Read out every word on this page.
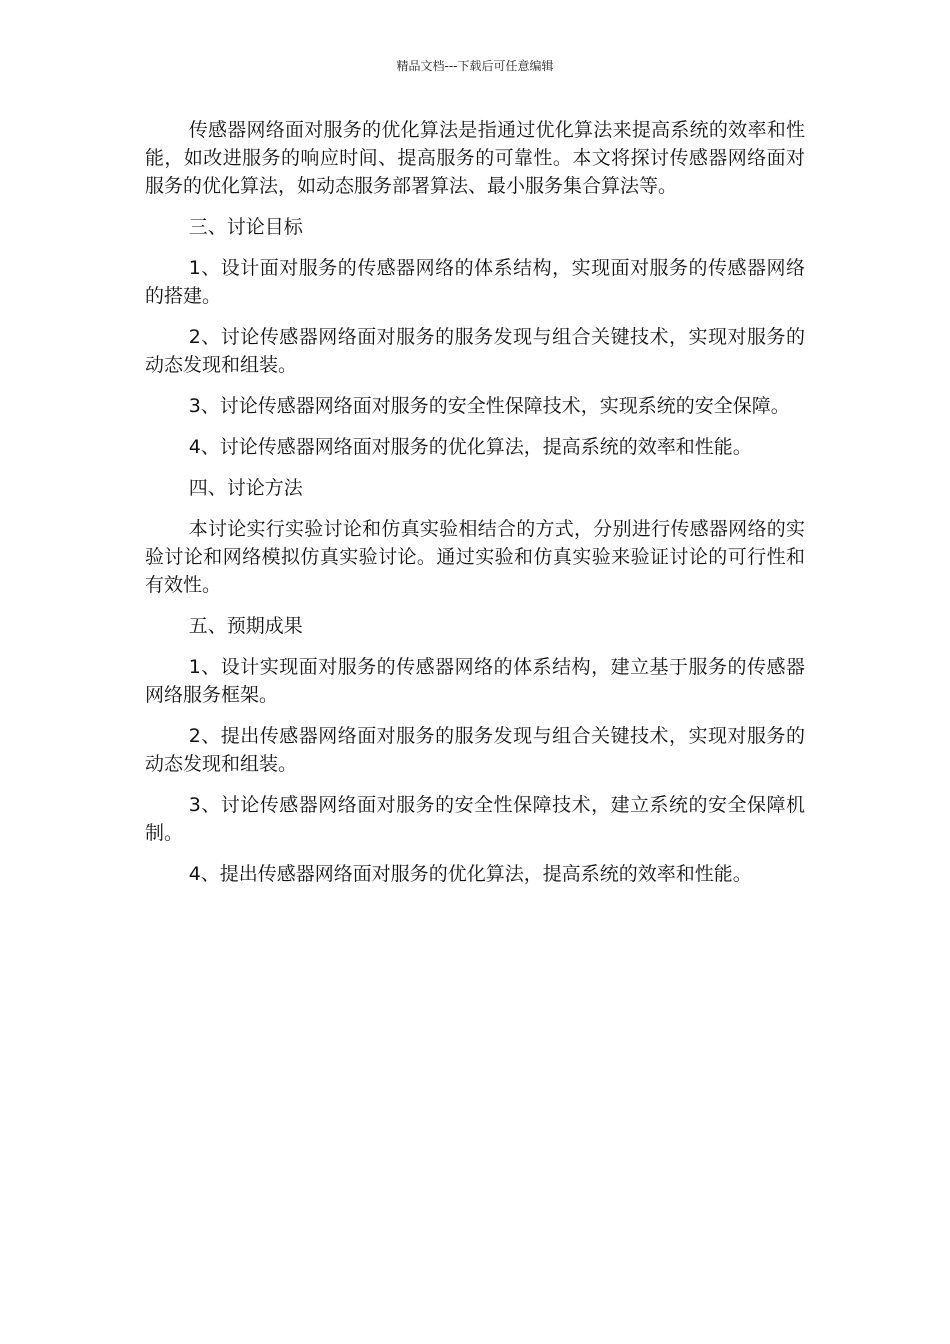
精品文档---下载后可任意编辑

传感器网络面对服务的优化算法是指通过优化算法来提高系统的效率和性能，如改进服务的响应时间、提高服务的可靠性。本文将探讨传感器网络面对服务的优化算法，如动态服务部署算法、最小服务集合算法等。

三、讨论目标

1、设计面对服务的传感器网络的体系结构，实现面对服务的传感器网络的搭建。

2、讨论传感器网络面对服务的服务发现与组合关键技术，实现对服务的动态发现和组装。

3、讨论传感器网络面对服务的安全性保障技术，实现系统的安全保障。

4、讨论传感器网络面对服务的优化算法，提高系统的效率和性能。

四、讨论方法

本讨论实行实验讨论和仿真实验相结合的方式，分别进行传感器网络的实验讨论和网络模拟仿真实验讨论。通过实验和仿真实验来验证讨论的可行性和有效性。

五、预期成果

1、设计实现面对服务的传感器网络的体系结构，建立基于服务的传感器网络服务框架。

2、提出传感器网络面对服务的服务发现与组合关键技术，实现对服务的动态发现和组装。

3、讨论传感器网络面对服务的安全性保障技术，建立系统的安全保障机制。

4、提出传感器网络面对服务的优化算法，提高系统的效率和性能。
